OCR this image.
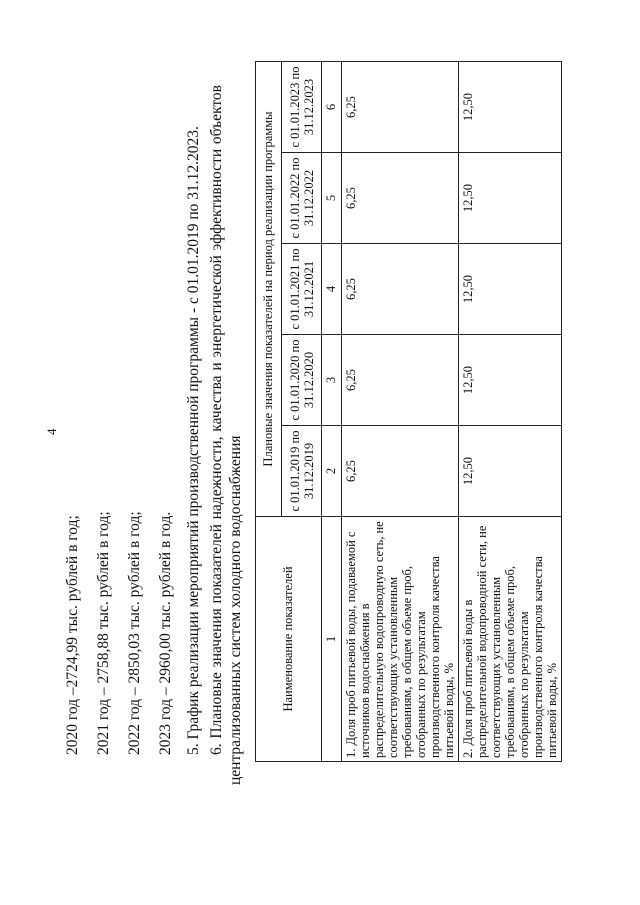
4
2020 год –2724,99 тыс. рублей в год; 2021 год – 2758,88 тыс. рублей в год; 2022 год – 2850,03 тыс. рублей в год; 2023 год – 2960,00 тыс. рублей в год. 5. График реализации мероприятий производственной программы - с 01.01.2019 по 31.12.2023. 6. Плановые значения показателей надежности, качества и энергетической эффективности объектов централизованных систем холодного водоснабжения	Наименование показателей	Плановые значения показателей на период реализации программы				
	с 01.01.2019 по 31.12.2019	с 01.01.2020 по 31.12.2020	с 01.01.2021 по 31.12.2021	с 01.01.2022 по 31.12.2022	с 01.01.2023 по 31.12.2023
1	2	3	4	5	6
1. Доля проб питьевой воды, подаваемой с источников водоснабжения в распределительную водопроводную сеть, не соответствующих установленным требованиям, в общем объеме проб, отобранных по результатам производственного контроля качества питьевой воды, %	6,25	6,25	6,25	6,25	6,25
2. Доля проб питьевой воды в распределительной водопроводной сети, не соответствующих установленным требованиям, в общем объеме проб, отобранных по результатам производственного контроля качества питьевой воды, %	12,50	12,50	12,50	12,50	12,50
